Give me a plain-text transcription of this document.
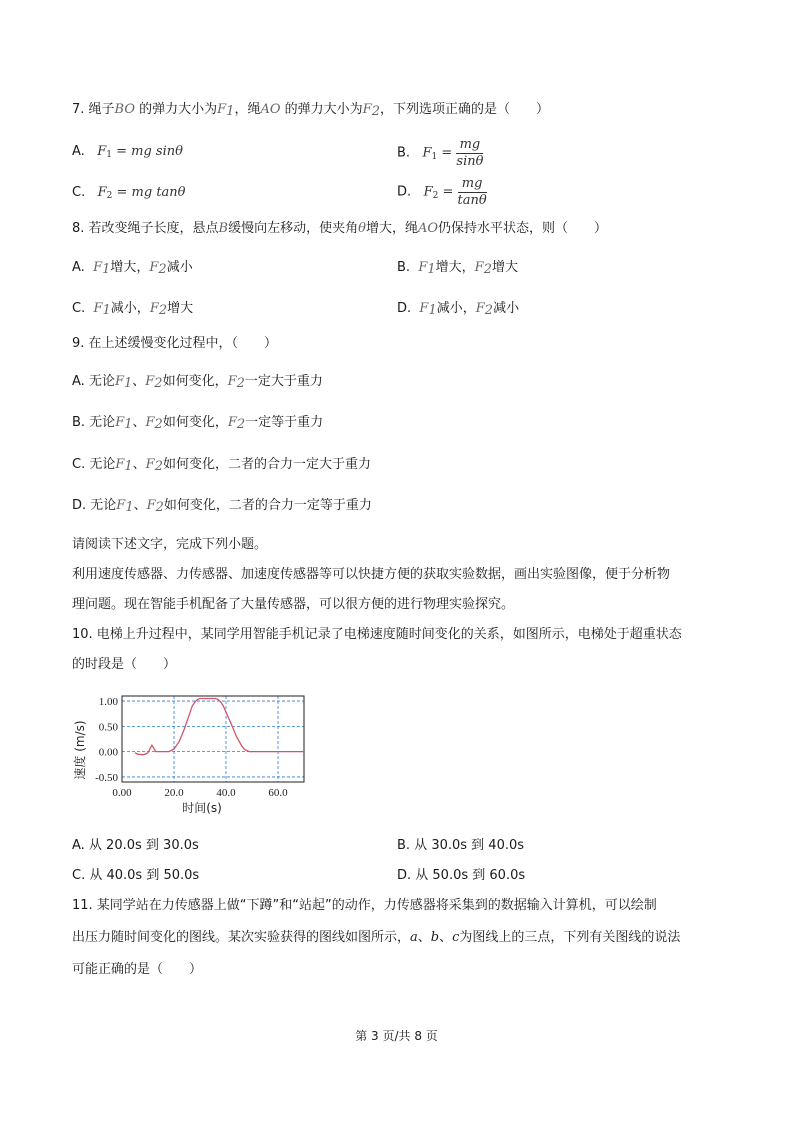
7. 绳子BO 的弹力大小为$F_1$，绳AO 的弹力大小为$F_2$，下列选项正确的是（　　）
A. $F_1$ = mg sinθ	B. $F_1 = \frac{mg}{\sin\theta}$
C. $F_2$ = mg tanθ	D. $F_2 = \frac{mg}{\tan\theta}$
8. 若改变绳子长度，悬点B缓慢向左移动，使夹角θ增大，绳AO仍保持水平状态，则（　　）
A. $F_1$增大，$F_2$减小	B. $F_1$增大，$F_2$增大
C. $F_1$减小，$F_2$增大	D. $F_1$减小，$F_2$减小
9. 在上述缓慢变化过程中，（　　）
A. 无论$F_1$、$F_2$如何变化，$F_2$一定大于重力
B. 无论$F_1$、$F_2$如何变化，$F_2$一定等于重力
C. 无论$F_1$、$F_2$如何变化，二者的合力一定大于重力
D. 无论$F_1$、$F_2$如何变化，二者的合力一定等于重力
请阅读下述文字，完成下列小题。
利用速度传感器、力传感器、加速度传感器等可以快捷方便的获取实验数据，画出实验图像，便于分析物
理问题。现在智能手机配备了大量传感器，可以很方便的进行物理实验探究。
10. 电梯上升过程中，某同学用智能手机记录了电梯速度随时间变化的关系，如图所示，电梯处于超重状态
的时段是（　　）
1.00
0.50
0.00
-0.50
0.00	20.0	40.0	60.0
速度 (m/s)
时间(s)
A. 从 20.0s 到 30.0s	B. 从 30.0s 到 40.0s
C. 从 40.0s 到 50.0s	D. 从 50.0s 到 60.0s
11. 某同学站在力传感器上做“下蹲”和“站起”的动作，力传感器将采集到的数据输入计算机，可以绘制
出压力随时间变化的图线。某次实验获得的图线如图所示，a、b、c为图线上的三点，下列有关图线的说法
可能正确的是（　　）
第 3 页/共 8 页
